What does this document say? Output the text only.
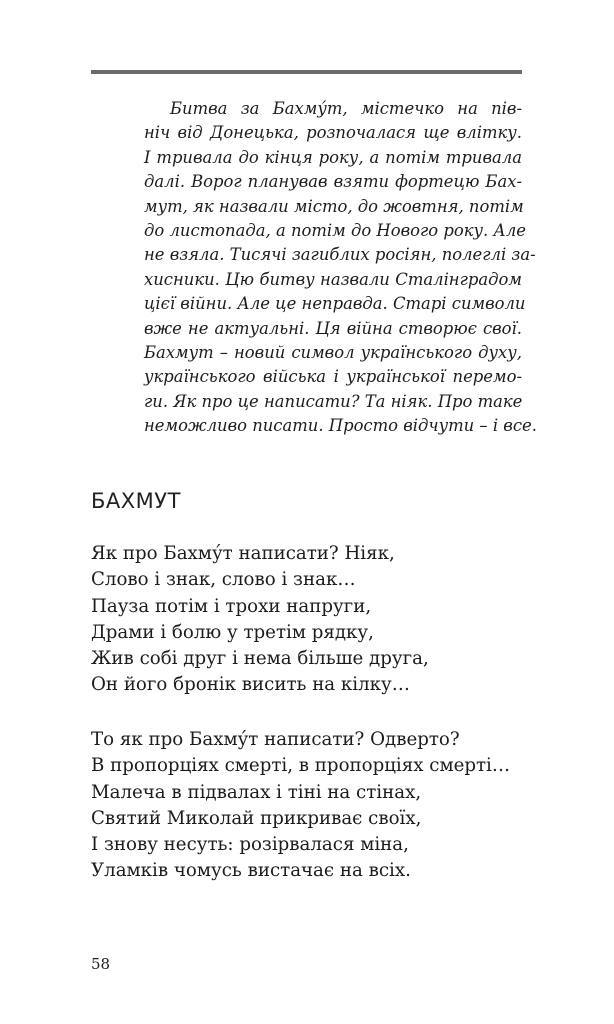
Битва за Бахму́т, містечко на пів-
ніч від Донецька, розпочалася ще влітку.
І тривала до кінця року, а потім тривала
далі. Ворог планував взяти фортецю Бах-
мут, як назвали місто, до жовтня, потім
до листопада, а потім до Нового року. Але
не взяла. Тисячі загиблих росіян, полеглі за-
хисники. Цю битву назвали Сталінградом
цієї війни. Але це неправда. Старі символи
вже не актуальні. Ця війна створює свої.
Бахмут – новий символ українського духу,
українського війська і української перемо-
ги. Як про це написати? Та ніяк. Про таке
неможливо писати. Просто відчути – і все.
БАХМУТ
Як про Бахму́т написати? Ніяк,
Слово і знак, слово і знак…
Пауза потім і трохи напруги,
Драми і болю у третім рядку,
Жив собі друг і нема більше друга,
Он його бронік висить на кілку…
То як про Бахму́т написати? Одверто?
В пропорціях смерті, в пропорціях смерті…
Малеча в підвалах і тіні на стінах,
Святий Миколай прикриває своїх,
І знову несуть: розірвалася міна,
Уламків чомусь вистачає на всіх.
58
